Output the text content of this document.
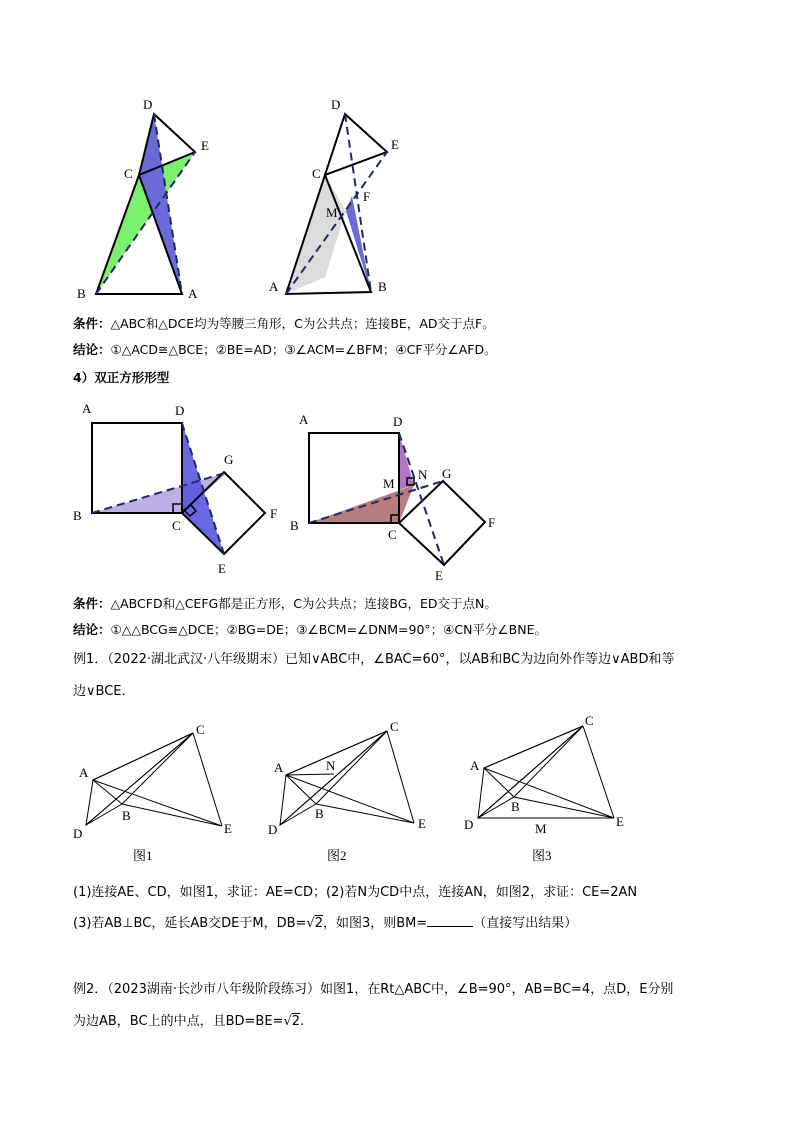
D
E
C
B	A
D
E
C
F
M
A	B
条件：△ABC和△DCE均为等腰三角形，C为公共点；连接BE，AD交于点F。
结论：①△ACD≅△BCE；②BE=AD；③∠ACM=∠BFM；④CF平分∠AFD。
4）双正方形形型
A	D
G
F
B
C
E
A	D
N G
M
B	F
C
E
条件：△ABCFD和△CEFG都是正方形，C为公共点；连接BG，ED交于点N。
结论：①△△BCG≌△DCE；②BG=DE；③∠BCM=∠DNM=90°；④CN平分∠BNE。
例1．（2022·湖北武汉·八年级期末）已知∨ABC中，∠BAC=60°，以AB和BC为边向外作等边∨ABD和等
边∨BCE．
A
C
D
B
E
A	N
C
D
B
E
A
C
D
B
M	E
图1	图2	图3
(1)连接AE、CD，如图1，求证：AE=CD；(2)若N为CD中点，连接AN，如图2，求证：CE=2AN
(3)若AB⊥BC，延长AB交DE于M，DB=√2，如图3，则BM=	（直接写出结果）
例2．（2023湖南·长沙市八年级阶段练习）如图1，在Rt△ABC中，∠B=90°，AB=BC=4，点D，E分别
为边AB，BC上的中点，且BD=BE=√2.
